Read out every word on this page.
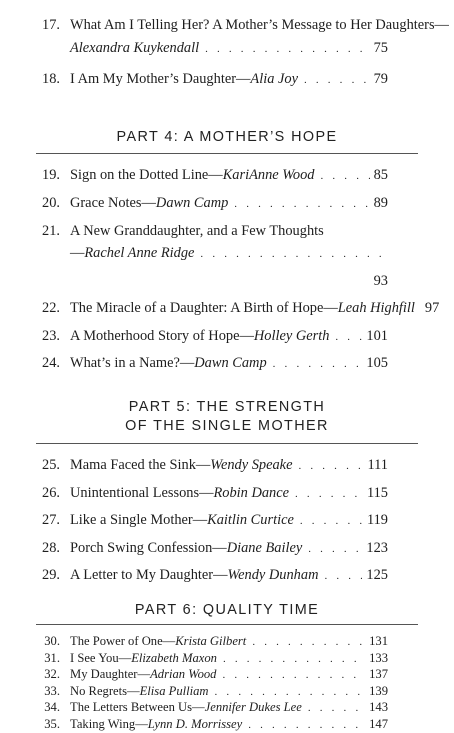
17. What Am I Telling Her? A Mother’s Message to Her Daughters—
Alexandra Kuykendall . . .	75
18. I Am My Mother’s Daughter— Alia Joy . . .	79
PART 4: A MOTHER’S HOPE
19. Sign on the Dotted Line— KariAnne Wood . . .	85
20. Grace Notes— Dawn Camp . . .	89
21. A New Granddaughter, and a Few Thoughts
— Rachel Anne Ridge
. . .
93
22. The Miracle of a Daughter: A Birth of Hope— Leah Highfill 97
23. A Motherhood Story of Hope— Holley Gerth . . .	101
24. What’s in a Name?— Dawn Camp . . .	105
PART 5: THE STRENGTH
OF THE SINGLE MOTHER
25. Mama Faced the Sink— Wendy Speake . . .	111
26. Unintentional Lessons— Robin Dance . . .	115
27. Like a Single Mother— Kaitlin Curtice . . .	119
28. Porch Swing Confession— Diane Bailey . . .	123
29. A Letter to My Daughter— Wendy Dunham . . .	125
PART 6: QUALITY TIME
30. The Power of One— Krista Gilbert . . .	131
31. I See You— Elizabeth Maxon . . .	133
32. My Daughter— Adrian Wood . . .	137
33. No Regrets— Elisa Pulliam . . .	139
34. The Letters Between Us— Jennifer Dukes Lee . . .	143
35. Taking Wing— Lynn D. Morrissey . . .	147
